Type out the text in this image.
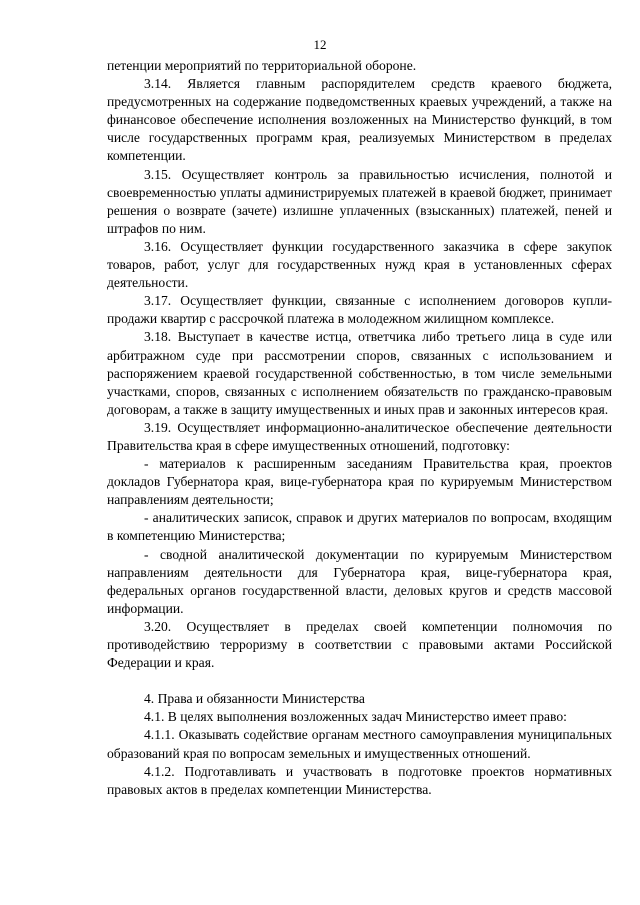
12

петенции мероприятий по территориальной обороне.

3.14. Является главным распорядителем средств краевого бюджета, предусмотренных на содержание подведомственных краевых учреждений, а также на финансовое обеспечение исполнения возложенных на Министерство функций, в том числе государственных программ края, реализуемых Министерством в пределах компетенции.

3.15. Осуществляет контроль за правильностью исчисления, полнотой и своевременностью уплаты администрируемых платежей в краевой бюджет, принимает решения о возврате (зачете) излишне уплаченных (взысканных) платежей, пеней и штрафов по ним.

3.16. Осуществляет функции государственного заказчика в сфере закупок товаров, работ, услуг для государственных нужд края в установленных сферах деятельности.

3.17. Осуществляет функции, связанные с исполнением договоров купли-продажи квартир с рассрочкой платежа в молодежном жилищном комплексе.

3.18. Выступает в качестве истца, ответчика либо третьего лица в суде или арбитражном суде при рассмотрении споров, связанных с использованием и распоряжением краевой государственной собственностью, в том числе земельными участками, споров, связанных с исполнением обязательств по гражданско-правовым договорам, а также в защиту имущественных и иных прав и законных интересов края.

3.19. Осуществляет информационно-аналитическое обеспечение деятельности Правительства края в сфере имущественных отношений, подготовку:

- материалов к расширенным заседаниям Правительства края, проектов докладов Губернатора края, вице-губернатора края по курируемым Министерством направлениям деятельности;

- аналитических записок, справок и других материалов по вопросам, входящим в компетенцию Министерства;

- сводной аналитической документации по курируемым Министерством направлениям деятельности для Губернатора края, вице-губернатора края, федеральных органов государственной власти, деловых кругов и средств массовой информации.

3.20. Осуществляет в пределах своей компетенции полномочия по противодействию терроризму в соответствии с правовыми актами Российской Федерации и края.

4. Права и обязанности Министерства

4.1. В целях выполнения возложенных задач Министерство имеет право:

4.1.1. Оказывать содействие органам местного самоуправления муниципальных образований края по вопросам земельных и имущественных отношений.

4.1.2. Подготавливать и участвовать в подготовке проектов нормативных правовых актов в пределах компетенции Министерства.
